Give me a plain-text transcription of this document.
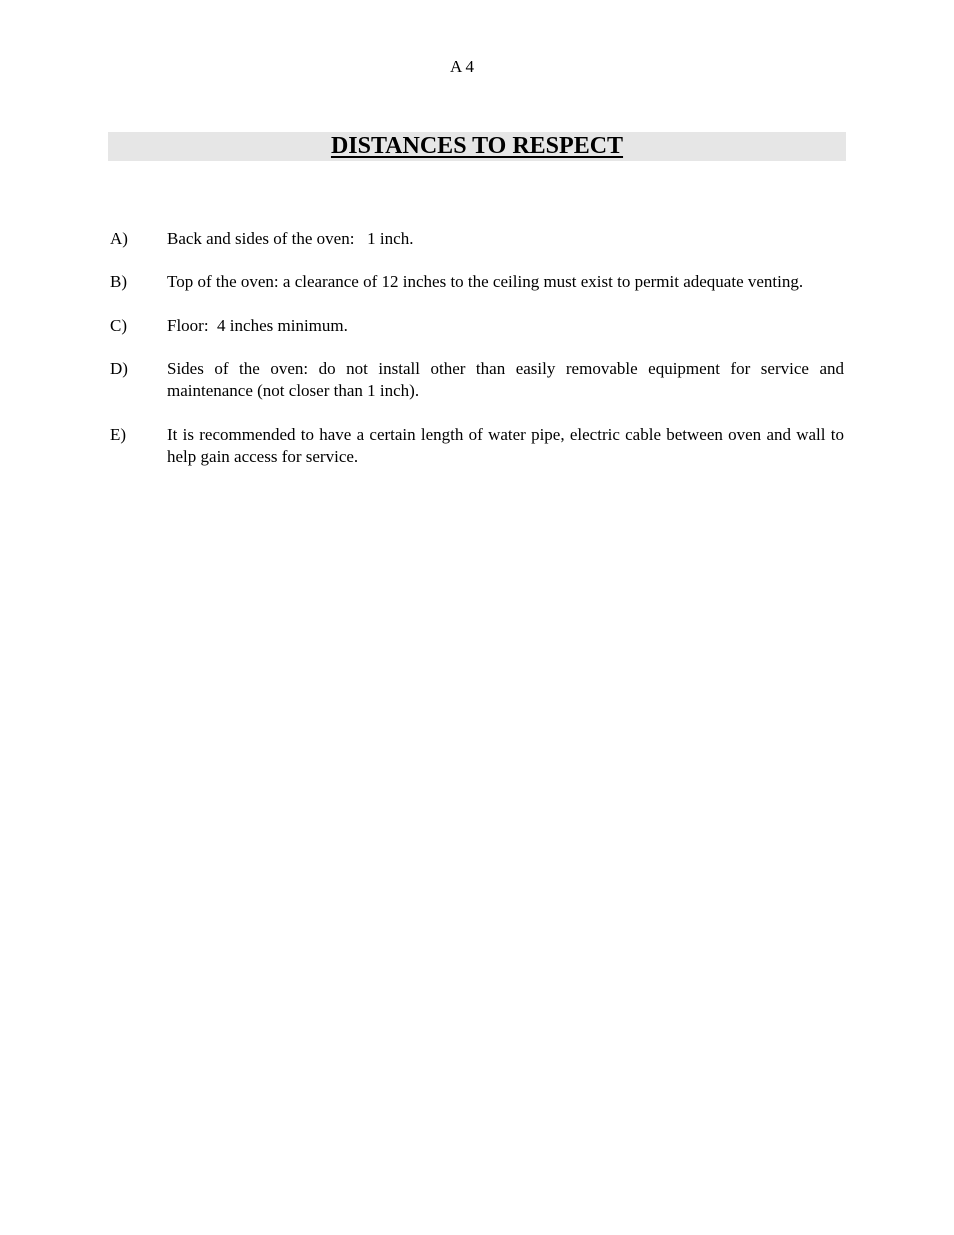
A 4
DISTANCES TO RESPECT
A)	Back and sides of the oven:   1 inch.
B)	Top of the oven: a clearance of 12 inches to the ceiling must exist to permit adequate venting.
C)	Floor:  4 inches minimum.
D)	Sides of the oven: do not install other than easily removable equipment for service and maintenance (not closer than 1 inch).
E)	It is recommended to have a certain length of water pipe, electric cable between oven and wall to help gain access for service.
